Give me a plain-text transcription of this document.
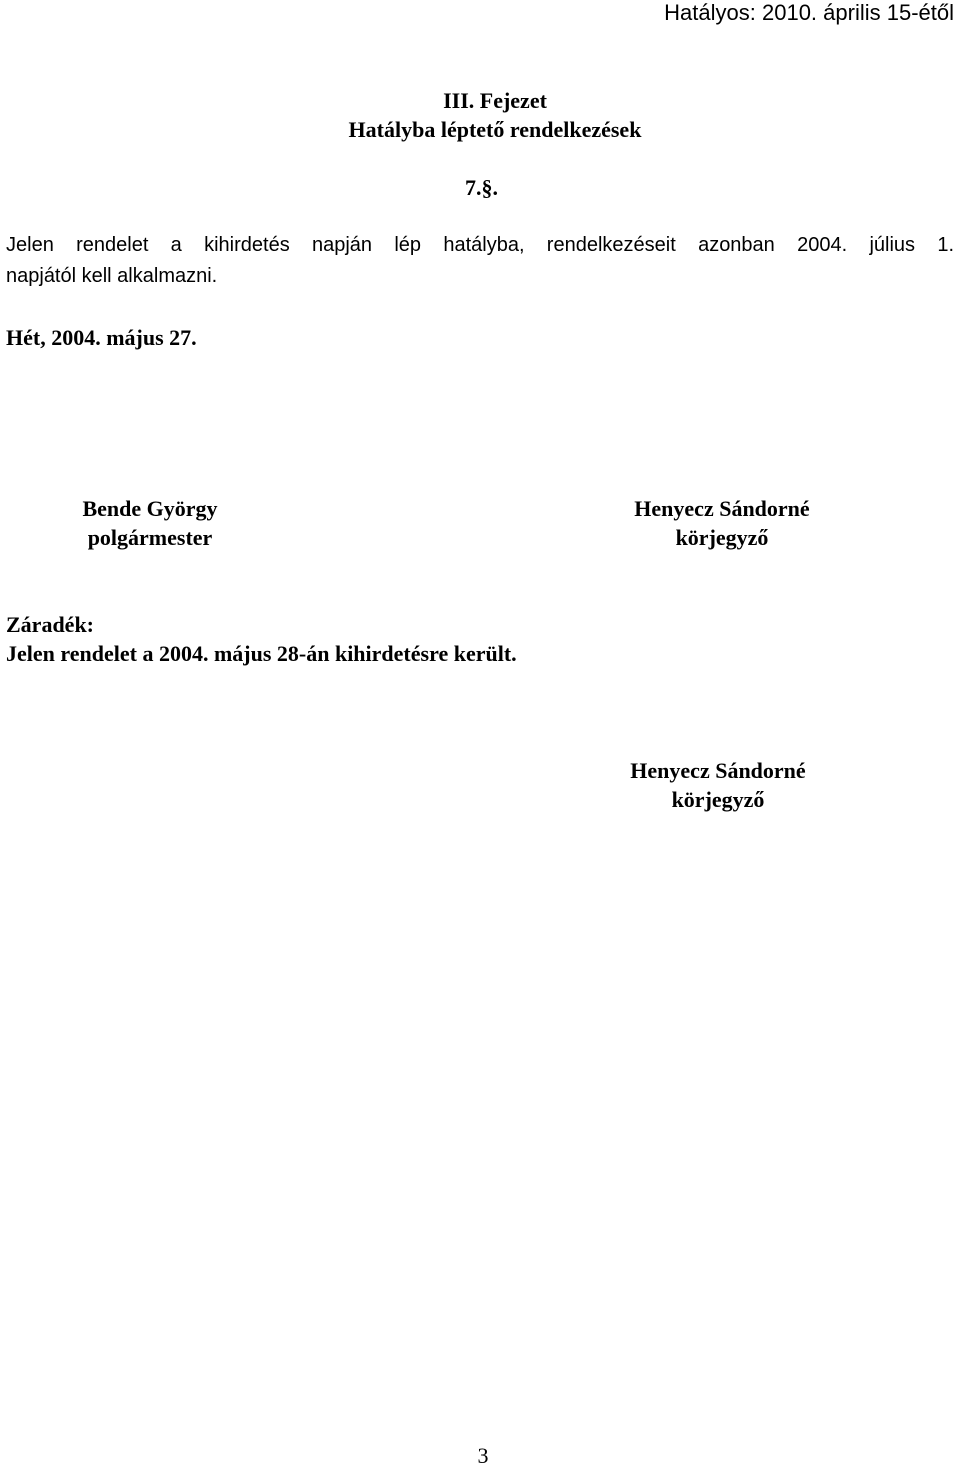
Hatályos: 2010. április 15-étől
III. Fejezet
Hatályba léptető rendelkezések
7.§.
Jelen rendelet a kihirdetés napján lép hatályba, rendelkezéseit azonban 2004. július 1.
napjától kell alkalmazni.
Hét, 2004. május 27.
Bende György
polgármester
Henyecz Sándorné
körjegyző
Záradék:
Jelen rendelet a 2004. május 28-án kihirdetésre került.
Henyecz Sándorné
körjegyző
3
